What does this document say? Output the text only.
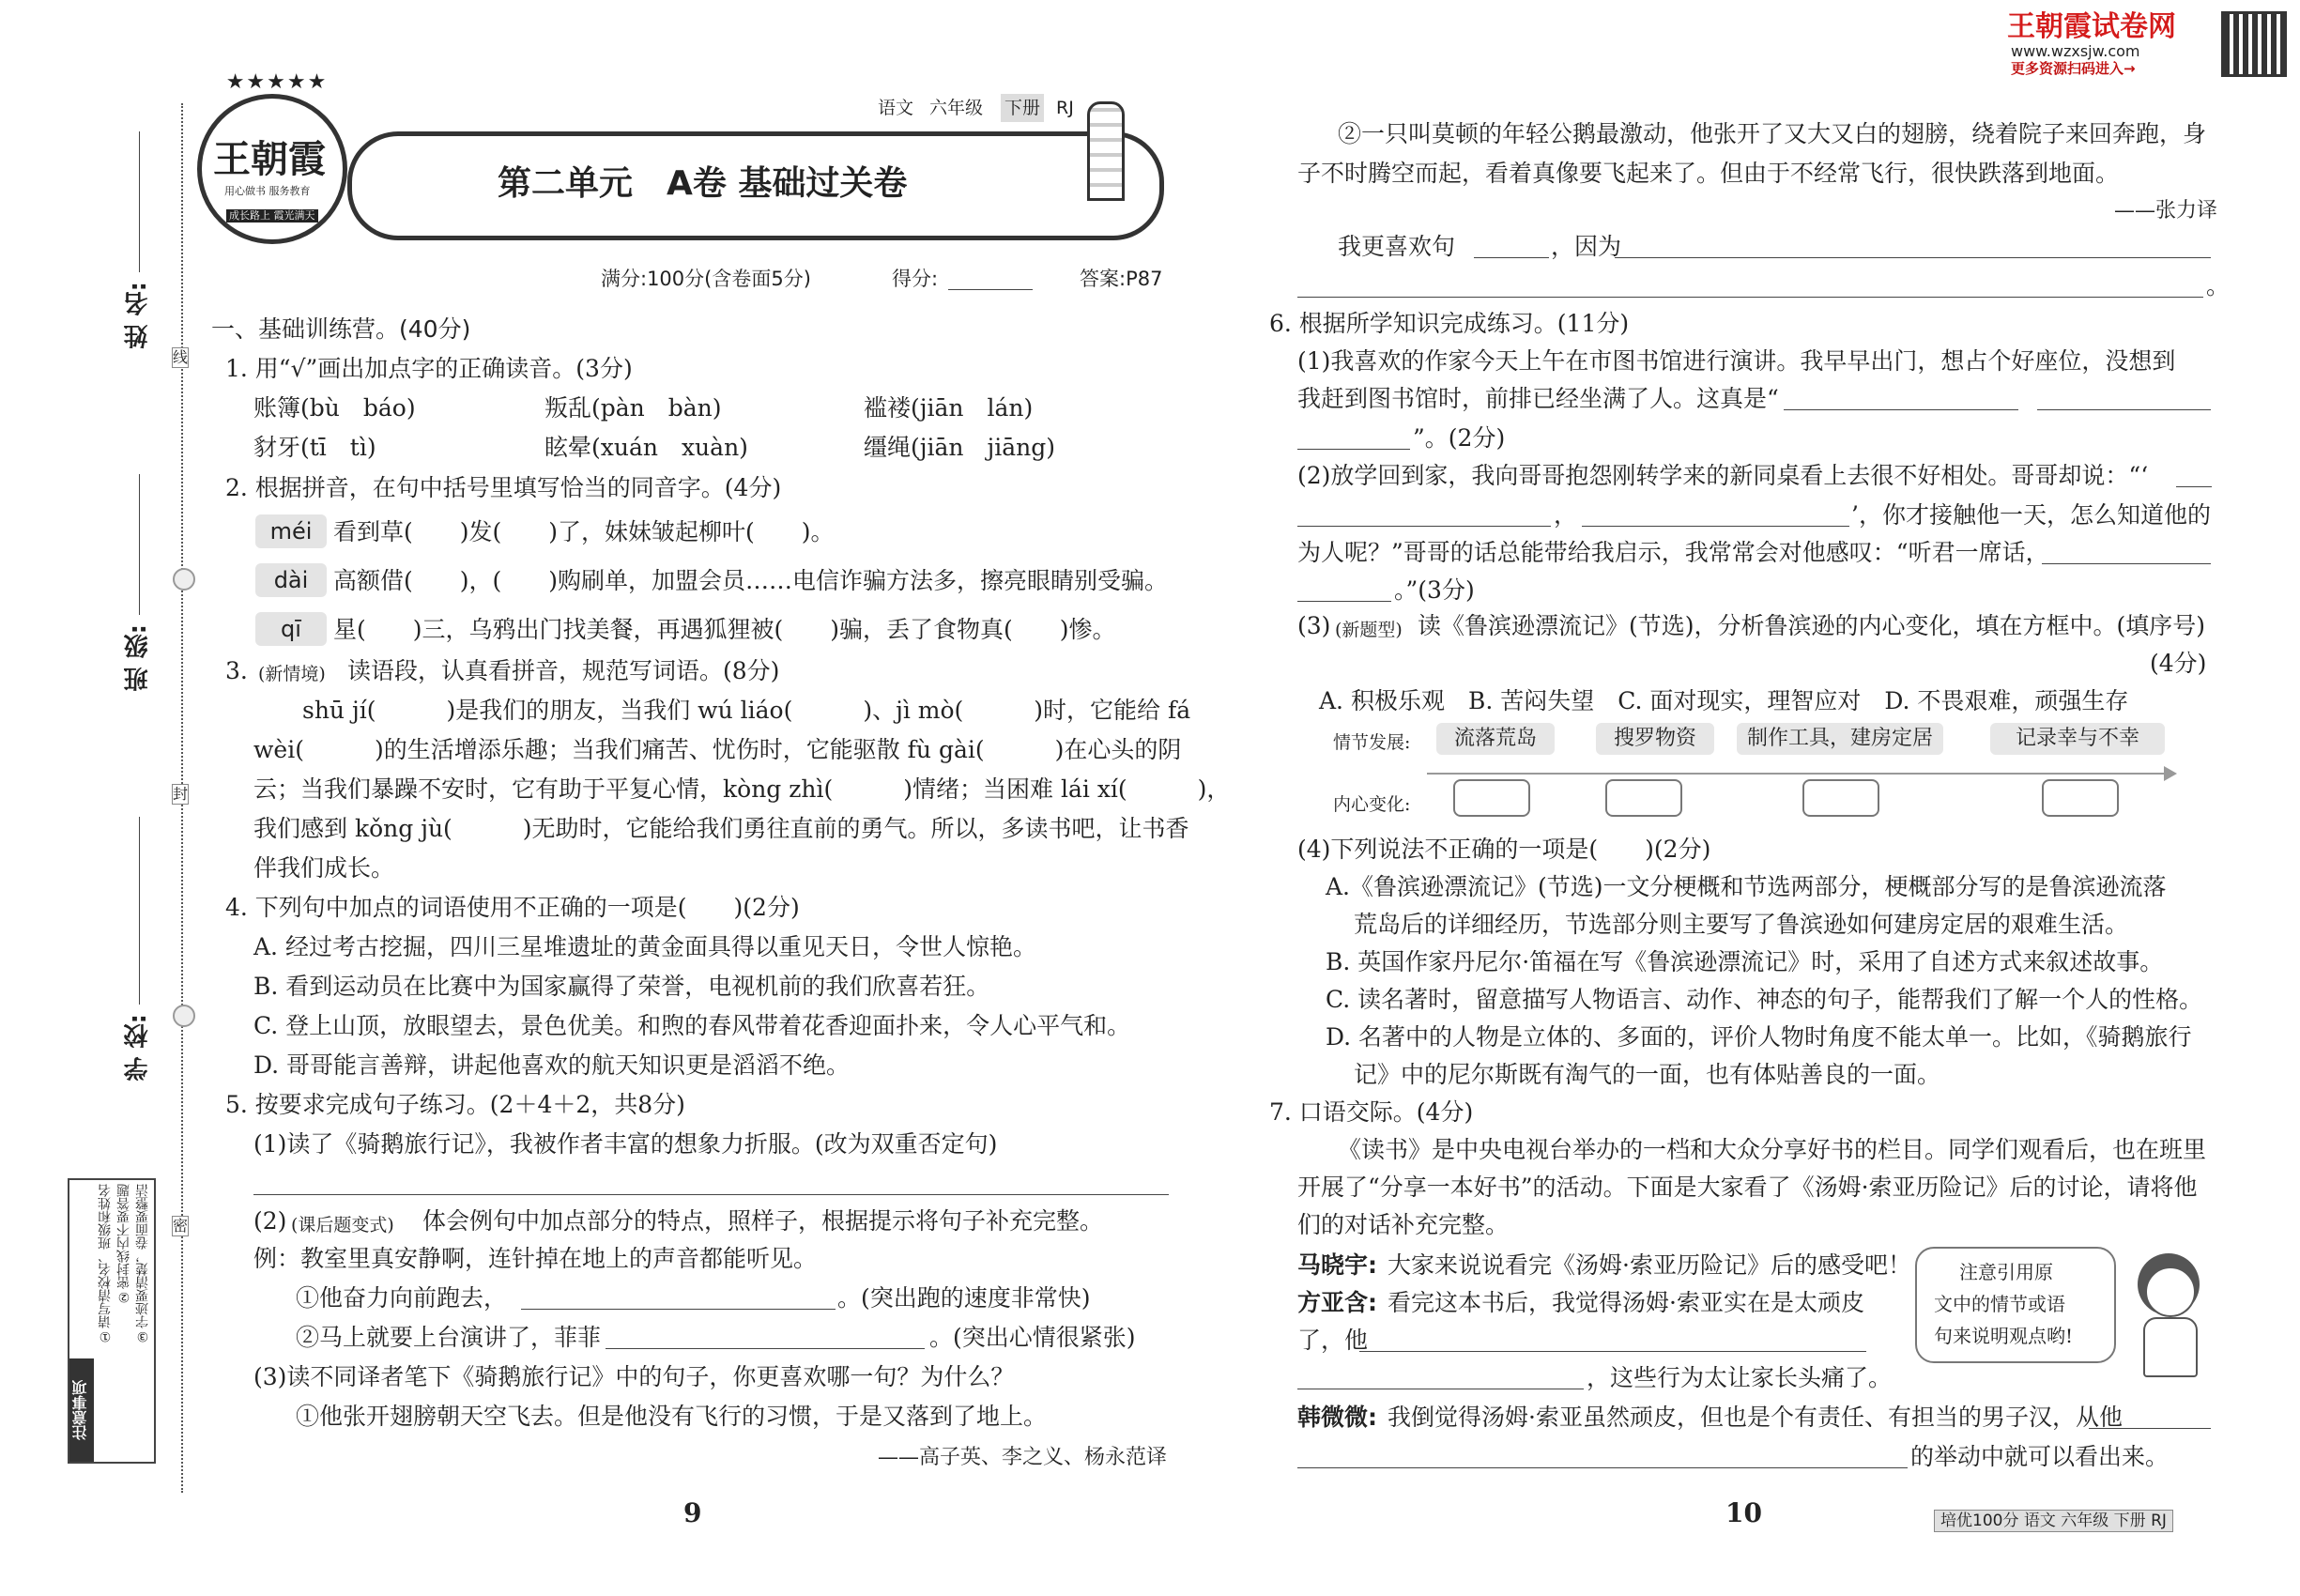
王朝霞试卷网
www.wzxsjw.com
更多资源扫码进入→
姓 名:
班 级:
学 校:
线
封
密
注意事项
①请写清校名、班级和姓名 ②密封线内不要答题 ③字迹要清楚，卷面要整洁
★★★★★
王朝霞
用心做书 服务教育
成长路上 霞光满天
语文 六年级 下册 RJ
第二单元　A卷 基础过关卷
满分:100分(含卷面5分)	得分:	答案:P87
一、基础训练营。(40分)
1. 用“√”画出加点字的正确读音。(3分)
账簿(bù　báo)	叛乱(pàn　bàn)	褴褛(jiān　lán)
豺牙(tī　tì)	眩晕(xuán　xuàn)	缰绳(jiān　jiāng)
2. 根据拼音，在句中括号里填写恰当的同音字。(4分)
méi 看到草(　　)发(　　)了，妹妹皱起柳叶(　　)。
dài	高额借(　　)，(　　)购刷单，加盟会员……电信诈骗方法多，擦亮眼睛别受骗。
qī	星(　　)三，乌鸦出门找美餐，再遇狐狸被(　　)骗，丢了食物真(　　)惨。
3. (新情境) 读语段，认真看拼音，规范写词语。(8分)
shū jí(　　　)是我们的朋友，当我们 wú liáo(　　　)、jì mò(　　　)时，它能给 fá
wèi(　　　)的生活增添乐趣；当我们痛苦、忧伤时，它能驱散 fù gài(　　　)在心头的阴
云；当我们暴躁不安时，它有助于平复心情，kòng zhì(　　　)情绪；当困难 lái xí(　　　)，
我们感到 kǒng jù(　　　)无助时，它能给我们勇往直前的勇气。所以，多读书吧，让书香
伴我们成长。
4. 下列句中加点的词语使用不正确的一项是(　　)(2分)
A. 经过考古挖掘，四川三星堆遗址的黄金面具得以重见天日，令世人惊艳。
B. 看到运动员在比赛中为国家赢得了荣誉，电视机前的我们欣喜若狂。
C. 登上山顶，放眼望去，景色优美。和煦的春风带着花香迎面扑来，令人心平气和。
D. 哥哥能言善辩，讲起他喜欢的航天知识更是滔滔不绝。
5. 按要求完成句子练习。(2＋4＋2，共8分)
(1)读了《骑鹅旅行记》，我被作者丰富的想象力折服。(改为双重否定句)
(2) (课后题变式) 体会例句中加点部分的特点，照样子，根据提示将句子补充完整。
例：教室里真安静啊，连针掉在地上的声音都能听见。
①他奋力向前跑去，	。(突出跑的速度非常快)
②马上就要上台演讲了，菲菲	。(突出心情很紧张)
(3)读不同译者笔下《骑鹅旅行记》中的句子，你更喜欢哪一句？为什么？
①他张开翅膀朝天空飞去。但是他没有飞行的习惯，于是又落到了地上。
——高子英、李之义、杨永范译
9
②一只叫莫顿的年轻公鹅最激动，他张开了又大又白的翅膀，绕着院子来回奔跑，身
子不时腾空而起，看着真像要飞起来了。但由于不经常飞行，很快跌落到地面。
——张力译
我更喜欢句	，因为
。
6. 根据所学知识完成练习。(11分)
(1)我喜欢的作家今天上午在市图书馆进行演讲。我早早出门，想占个好座位，没想到
我赶到图书馆时，前排已经坐满了人。这真是“
”。(2分)
(2)放学回到家，我向哥哥抱怨刚转学来的新同桌看上去很不好相处。哥哥却说：“‘
，	’，你才接触他一天，怎么知道他的
为人呢？”哥哥的话总能带给我启示，我常常会对他感叹：“听君一席话，
。”(3分)
(3) (新题型) 读《鲁滨逊漂流记》(节选)，分析鲁滨逊的内心变化，填在方框中。(填序号)
(4分)
A. 积极乐观　B. 苦闷失望　C. 面对现实，理智应对　D. 不畏艰难，顽强生存
情节发展:	流落荒岛	搜罗物资	制作工具，建房定居	记录幸与不幸
内心变化:
(4)下列说法不正确的一项是(　　)(2分)
A.《鲁滨逊漂流记》(节选)一文分梗概和节选两部分，梗概部分写的是鲁滨逊流落
荒岛后的详细经历，节选部分则主要写了鲁滨逊如何建房定居的艰难生活。
B. 英国作家丹尼尔·笛福在写《鲁滨逊漂流记》时，采用了自述方式来叙述故事。
C. 读名著时，留意描写人物语言、动作、神态的句子，能帮我们了解一个人的性格。
D. 名著中的人物是立体的、多面的，评价人物时角度不能太单一。比如，《骑鹅旅行
记》中的尼尔斯既有淘气的一面，也有体贴善良的一面。
7. 口语交际。(4分)
《读书》是中央电视台举办的一档和大众分享好书的栏目。同学们观看后，也在班里
开展了“分享一本好书”的活动。下面是大家看了《汤姆·索亚历险记》后的讨论，请将他
们的对话补充完整。
马晓宇: 大家来说说看完《汤姆·索亚历险记》后的感受吧！
方亚含: 看完这本书后，我觉得汤姆·索亚实在是太顽皮
了，他
，这些行为太让家长头痛了。
韩微微: 我倒觉得汤姆·索亚虽然顽皮，但也是个有责任、有担当的男子汉，从他
的举动中就可以看出来。
注意引用原
文中的情节或语
句来说明观点哟!
10	培优100分 语文 六年级 下册 RJ
